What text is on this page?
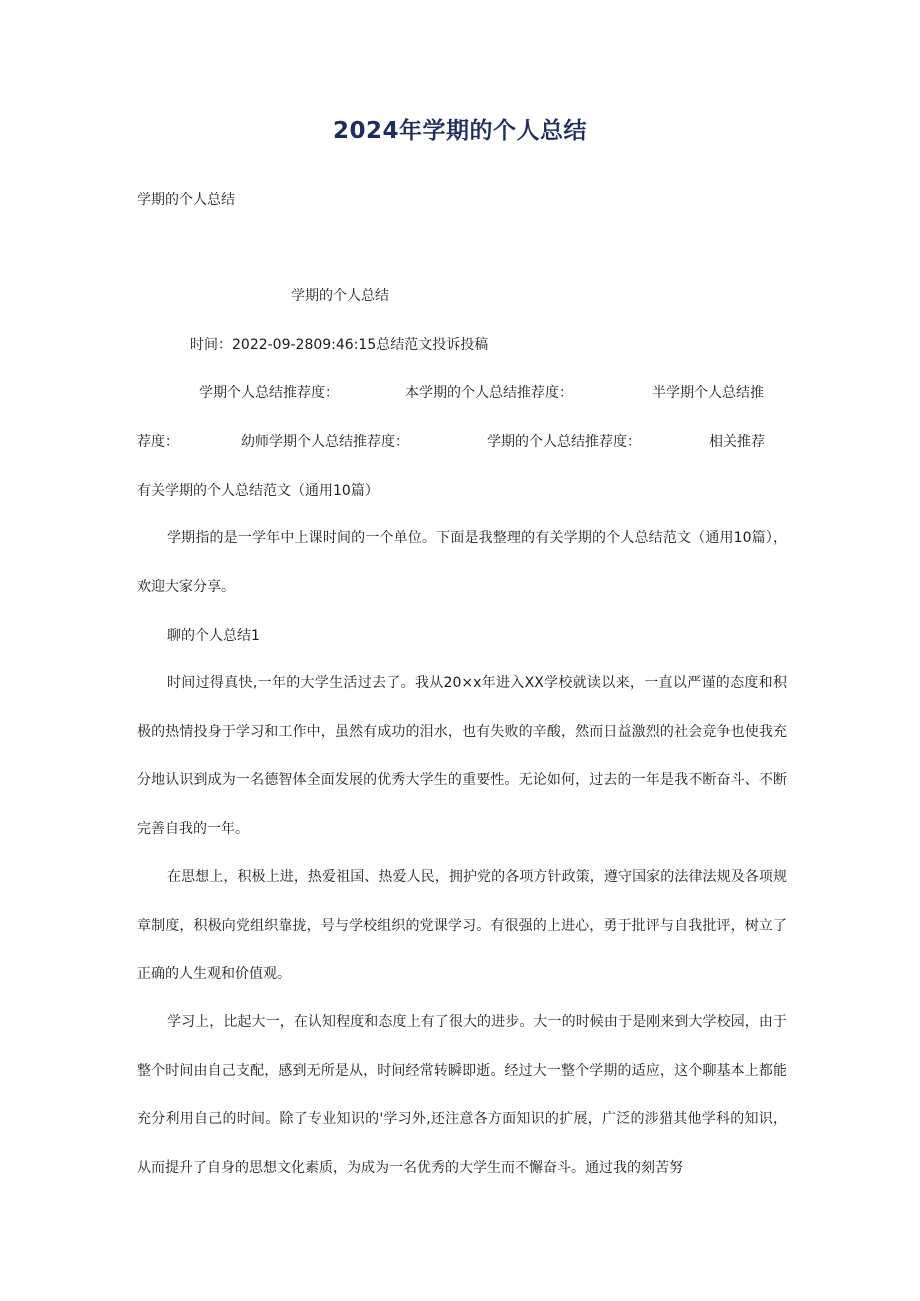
2024年学期的个人总结
学期的个人总结
学期的个人总结
时间：2022-09-2809:46:15总结范文投诉投稿
学期个人总结推荐度：	本学期的个人总结推荐度：	半学期个人总结推
荐度：	幼师学期个人总结推荐度：	学期的个人总结推荐度：	相关推荐
有关学期的个人总结范文（通用10篇）

学期指的是一学年中上课时间的一个单位。下面是我整理的有关学期的个人总结范文（通用10篇），欢迎大家分享。

聊的个人总结1

时间过得真快,一年的大学生活过去了。我从20×x年进入XX学校就读以来，一直以严谨的态度和积极的热情投身于学习和工作中，虽然有成功的泪水，也有失败的辛酸，然而日益激烈的社会竞争也使我充分地认识到成为一名德智体全面发展的优秀大学生的重要性。无论如何，过去的一年是我不断奋斗、不断完善自我的一年。

在思想上，积极上进，热爱祖国、热爱人民，拥护党的各项方针政策，遵守国家的法律法规及各项规章制度，积极向党组织靠拢，号与学校组织的党课学习。有很强的上进心，勇于批评与自我批评，树立了正确的人生观和价值观。

学习上，比起大一，在认知程度和态度上有了很大的进步。大一的时候由于是刚来到大学校园，由于整个时间由自己支配，感到无所是从，时间经常转瞬即逝。经过大一整个学期的适应，这个聊基本上都能充分利用自己的时间。除了专业知识的'学习外,还注意各方面知识的扩展，广泛的涉猎其他学科的知识，从而提升了自身的思想文化素质，为成为一名优秀的大学生而不懈奋斗。通过我的刻苦努
